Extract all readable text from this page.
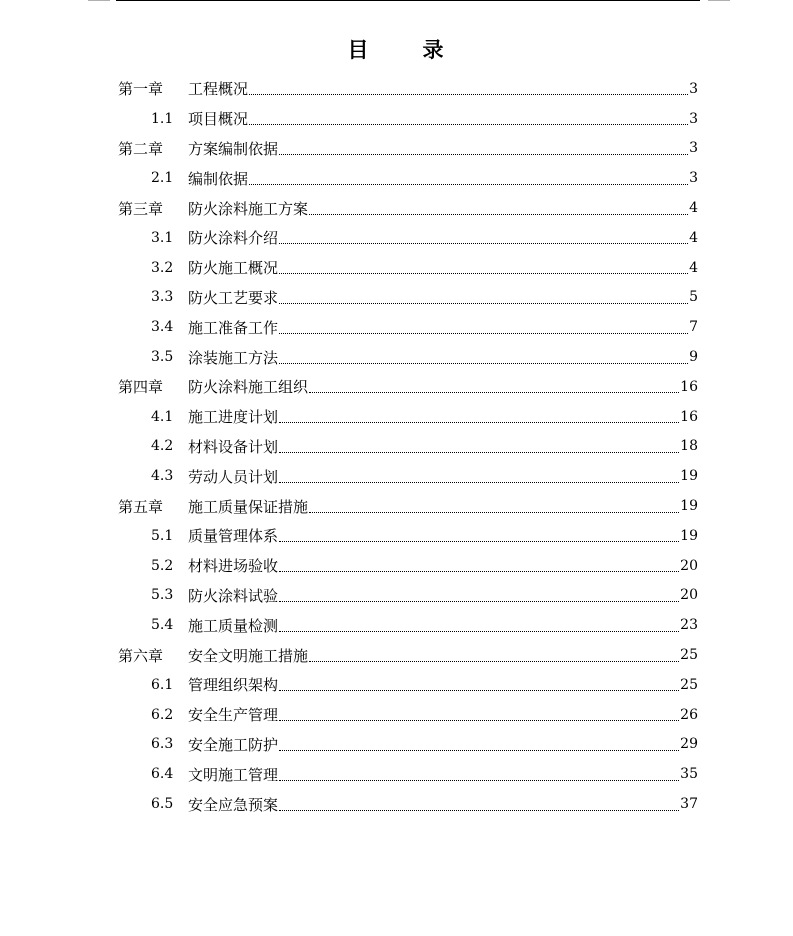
目 录
第一章	工程概况	3
1.1 项目概况	3
第二章	方案编制依据	3
2.1 编制依据	3
第三章	防火涂料施工方案	4
3.1 防火涂料介绍	4
3.2 防火施工概况	4
3.3 防火工艺要求	5
3.4 施工准备工作	7
3.5 涂装施工方法	9
第四章	防火涂料施工组织	16
4.1 施工进度计划	16
4.2 材料设备计划	18
4.3 劳动人员计划	19
第五章	施工质量保证措施	19
5.1 质量管理体系	19
5.2 材料进场验收	20
5.3 防火涂料试验	20
5.4 施工质量检测	23
第六章	安全文明施工措施	25
6.1 管理组织架构	25
6.2 安全生产管理	26
6.3 安全施工防护	29
6.4 文明施工管理	35
6.5 安全应急预案	37
